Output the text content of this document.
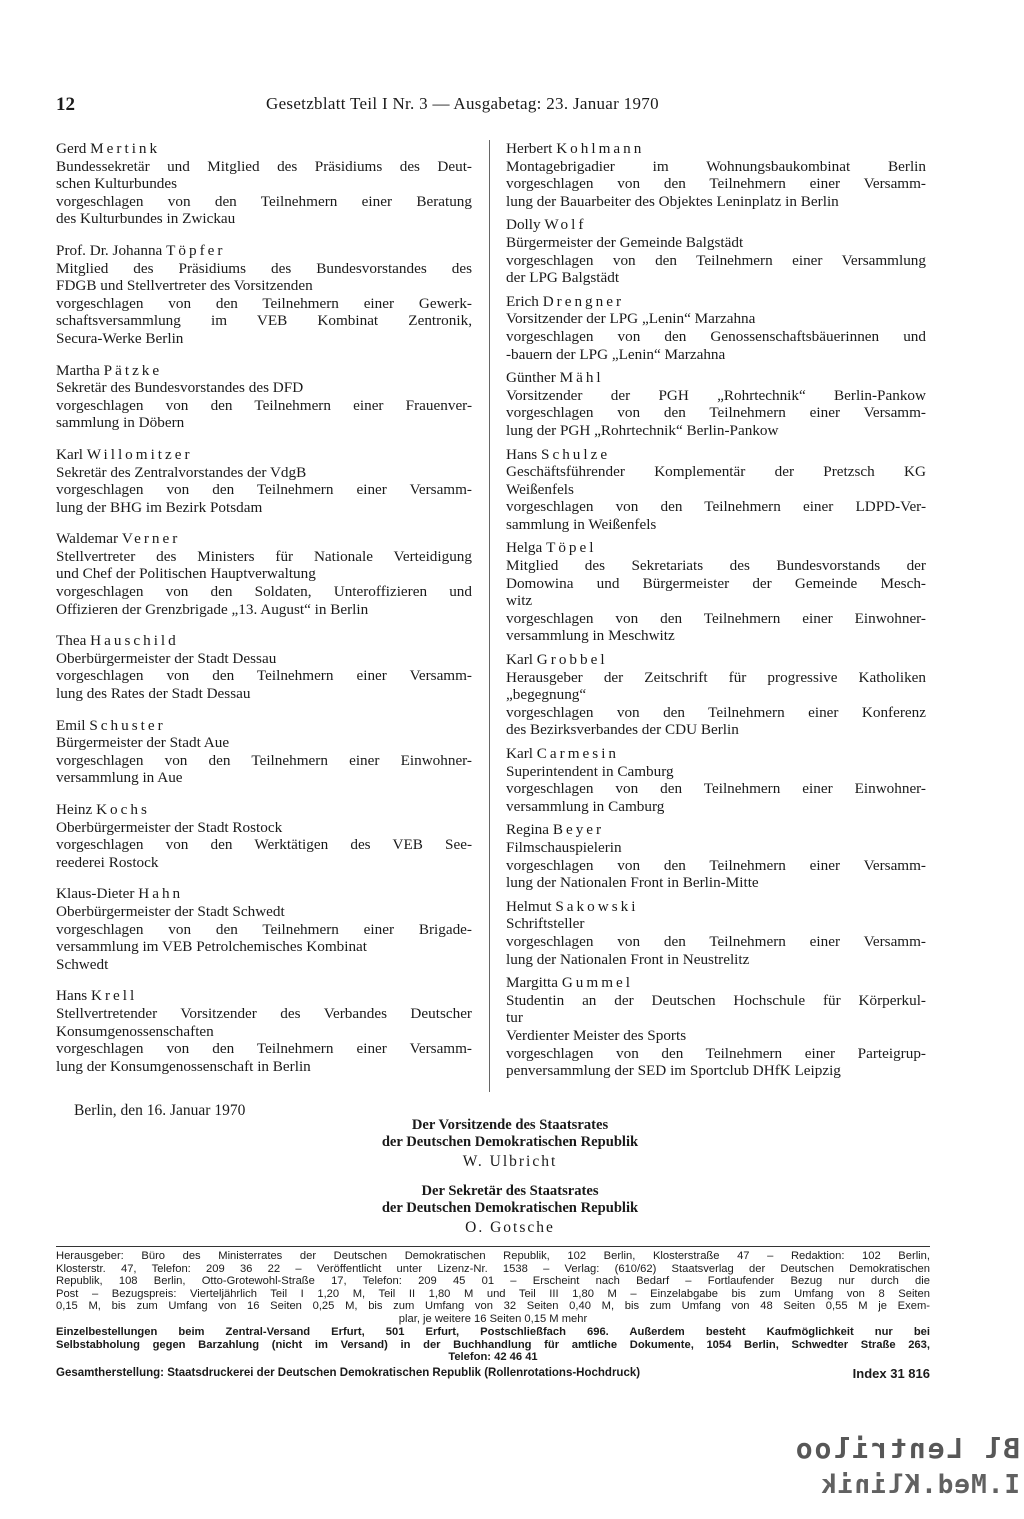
12	Gesetzblatt Teil I Nr. 3 — Ausgabetag: 23. Januar 1970
Gerd Mertink
Bundessekretär und Mitglied des Präsidiums des Deut-
schen Kulturbundes
vorgeschlagen von den Teilnehmern einer Beratung
des Kulturbundes in Zwickau
Prof. Dr. Johanna Töpfer
Mitglied des Präsidiums des Bundesvorstandes des
FDGB und Stellvertreter des Vorsitzenden
vorgeschlagen von den Teilnehmern einer Gewerk-
schaftsversammlung im VEB Kombinat Zentronik,
Secura-Werke Berlin
Martha Pätzke
Sekretär des Bundesvorstandes des DFD
vorgeschlagen von den Teilnehmern einer Frauenver-
sammlung in Döbern
Karl Willomitzer
Sekretär des Zentralvorstandes der VdgB
vorgeschlagen von den Teilnehmern einer Versamm-
lung der BHG im Bezirk Potsdam
Waldemar Verner
Stellvertreter des Ministers für Nationale Verteidigung
und Chef der Politischen Hauptverwaltung
vorgeschlagen von den Soldaten, Unteroffizieren und
Offizieren der Grenzbrigade „13. August“ in Berlin
Thea Hauschild
Oberbürgermeister der Stadt Dessau
vorgeschlagen von den Teilnehmern einer Versamm-
lung des Rates der Stadt Dessau
Emil Schuster
Bürgermeister der Stadt Aue
vorgeschlagen von den Teilnehmern einer Einwohner-
versammlung in Aue
Heinz Kochs
Oberbürgermeister der Stadt Rostock
vorgeschlagen von den Werktätigen des VEB See-
reederei Rostock
Klaus-Dieter Hahn
Oberbürgermeister der Stadt Schwedt
vorgeschlagen von den Teilnehmern einer Brigade-
versammlung im VEB Petrolchemisches Kombinat
Schwedt
Hans Krell
Stellvertretender Vorsitzender des Verbandes Deutscher
Konsumgenossenschaften
vorgeschlagen von den Teilnehmern einer Versamm-
lung der Konsumgenossenschaft in Berlin
Herbert Kohlmann
Montagebrigadier im Wohnungsbaukombinat Berlin
vorgeschlagen von den Teilnehmern einer Versamm-
lung der Bauarbeiter des Objektes Leninplatz in Berlin
Dolly Wolf
Bürgermeister der Gemeinde Balgstädt
vorgeschlagen von den Teilnehmern einer Versammlung
der LPG Balgstädt
Erich Drengner
Vorsitzender der LPG „Lenin“ Marzahna
vorgeschlagen von den Genossenschaftsbäuerinnen und
-bauern der LPG „Lenin“ Marzahna
Günther Mähl
Vorsitzender der PGH „Rohrtechnik“ Berlin-Pankow
vorgeschlagen von den Teilnehmern einer Versamm-
lung der PGH „Rohrtechnik“ Berlin-Pankow
Hans Schulze
Geschäftsführender Komplementär der Pretzsch KG
Weißenfels
vorgeschlagen von den Teilnehmern einer LDPD-Ver-
sammlung in Weißenfels
Helga Töpel
Mitglied des Sekretariats des Bundesvorstands der
Domowina und Bürgermeister der Gemeinde Mesch-
witz
vorgeschlagen von den Teilnehmern einer Einwohner-
versammlung in Meschwitz
Karl Grobbel
Herausgeber der Zeitschrift für progressive Katholiken
„begegnung“
vorgeschlagen von den Teilnehmern einer Konferenz
des Bezirksverbandes der CDU Berlin
Karl Carmesin
Superintendent in Camburg
vorgeschlagen von den Teilnehmern einer Einwohner-
versammlung in Camburg
Regina Beyer
Filmschauspielerin
vorgeschlagen von den Teilnehmern einer Versamm-
lung der Nationalen Front in Berlin-Mitte
Helmut Sakowski
Schriftsteller
vorgeschlagen von den Teilnehmern einer Versamm-
lung der Nationalen Front in Neustrelitz
Margitta Gummel
Studentin an der Deutschen Hochschule für Körperkul-
tur
Verdienter Meister des Sports
vorgeschlagen von den Teilnehmern einer Parteigrup-
penversammlung der SED im Sportclub DHfK Leipzig
Berlin, den 16. Januar 1970
Der Vorsitzende des Staatsrates
der Deutschen Demokratischen Republik
W. Ulbricht
Der Sekretär des Staatsrates
der Deutschen Demokratischen Republik
O. Gotsche
Herausgeber: Büro des Ministerrates der Deutschen Demokratischen Republik, 102 Berlin, Klosterstraße 47 – Redaktion: 102 Berlin,
Klosterstr. 47, Telefon: 209 36 22 – Veröffentlicht unter Lizenz-Nr. 1538 – Verlag: (610/62) Staatsverlag der Deutschen Demokratischen
Republik, 108 Berlin, Otto-Grotewohl-Straße 17, Telefon: 209 45 01 – Erscheint nach Bedarf – Fortlaufender Bezug nur durch die
Post – Bezugspreis: Vierteljährlich Teil I 1,20 M, Teil II 1,80 M und Teil III 1,80 M – Einzelabgabe bis zum Umfang von 8 Seiten
0,15 M, bis zum Umfang von 16 Seiten 0,25 M, bis zum Umfang von 32 Seiten 0,40 M, bis zum Umfang von 48 Seiten 0,55 M je Exem-
plar, je weitere 16 Seiten 0,15 M mehr
Einzelbestellungen beim Zentral-Versand Erfurt, 501 Erfurt, Postschließfach 696. Außerdem besteht Kaufmöglichkeit nur bei
Selbstabholung gegen Barzahlung (nicht im Versand) in der Buchhandlung für amtliche Dokumente, 1054 Berlin, Schwedter Straße 263,
Telefon: 42 46 41
Gesamtherstellung: Staatsdruckerei der Deutschen Demokratischen Republik (Rollenrotations-Hochdruck)	Index 31 816
Bl Lentriloo
I.Med.Klinik
